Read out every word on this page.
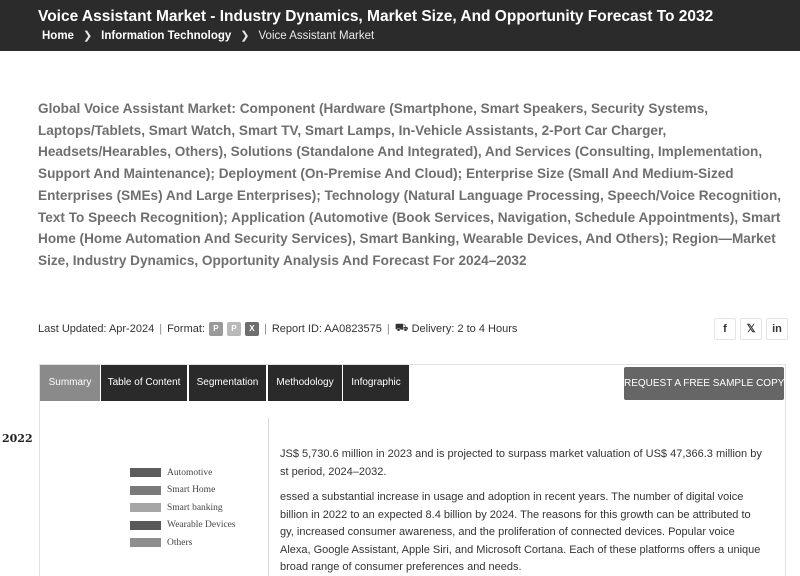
Voice Assistant Market - Industry Dynamics, Market Size, And Opportunity Forecast To 2032
Home ❯ Information Technology ❯ Voice Assistant Market
Global Voice Assistant Market: Component (Hardware (Smartphone, Smart Speakers, Security Systems, Laptops/Tablets, Smart Watch, Smart TV, Smart Lamps, In-Vehicle Assistants, 2-Port Car Charger, Headsets/Hearables, Others), Solutions (Standalone And Integrated), And Services (Consulting, Implementation, Support And Maintenance); Deployment (On-Premise And Cloud); Enterprise Size (Small And Medium-Sized Enterprises (SMEs) And Large Enterprises); Technology (Natural Language Processing, Speech/Voice Recognition, Text To Speech Recognition); Application (Automotive (Book Services, Navigation, Schedule Appointments), Smart Home (Home Automation And Security Services), Smart Banking, Wearable Devices, And Others); Region—Market Size, Industry Dynamics, Opportunity Analysis And Forecast For 2024–2032
Last Updated: Apr-2024 | Format:	P	P	X | Report ID: AA0823575 | ⛟ Delivery: 2 to 4 Hours	f	𝕏	in
Summary	Table of Content	Segmentation	Methodology	Infographic	REQUEST A FREE SAMPLE COPY
2022
Automotive
Smart Home
Smart banking
Wearable Devices
Others

JS$ 5,730.6 million in 2023 and is projected to surpass market valuation of US$ 47,366.3 million by

st period, 2024–2032.

essed a substantial increase in usage and adoption in recent years. The number of digital voice

billion in 2022 to an expected 8.4 billion by 2024. The reasons for this growth can be attributed to

gy, increased consumer awareness, and the proliferation of connected devices. Popular voice

Alexa, Google Assistant, Apple Siri, and Microsoft Cortana. Each of these platforms offers a unique

broad range of consumer preferences and needs.
